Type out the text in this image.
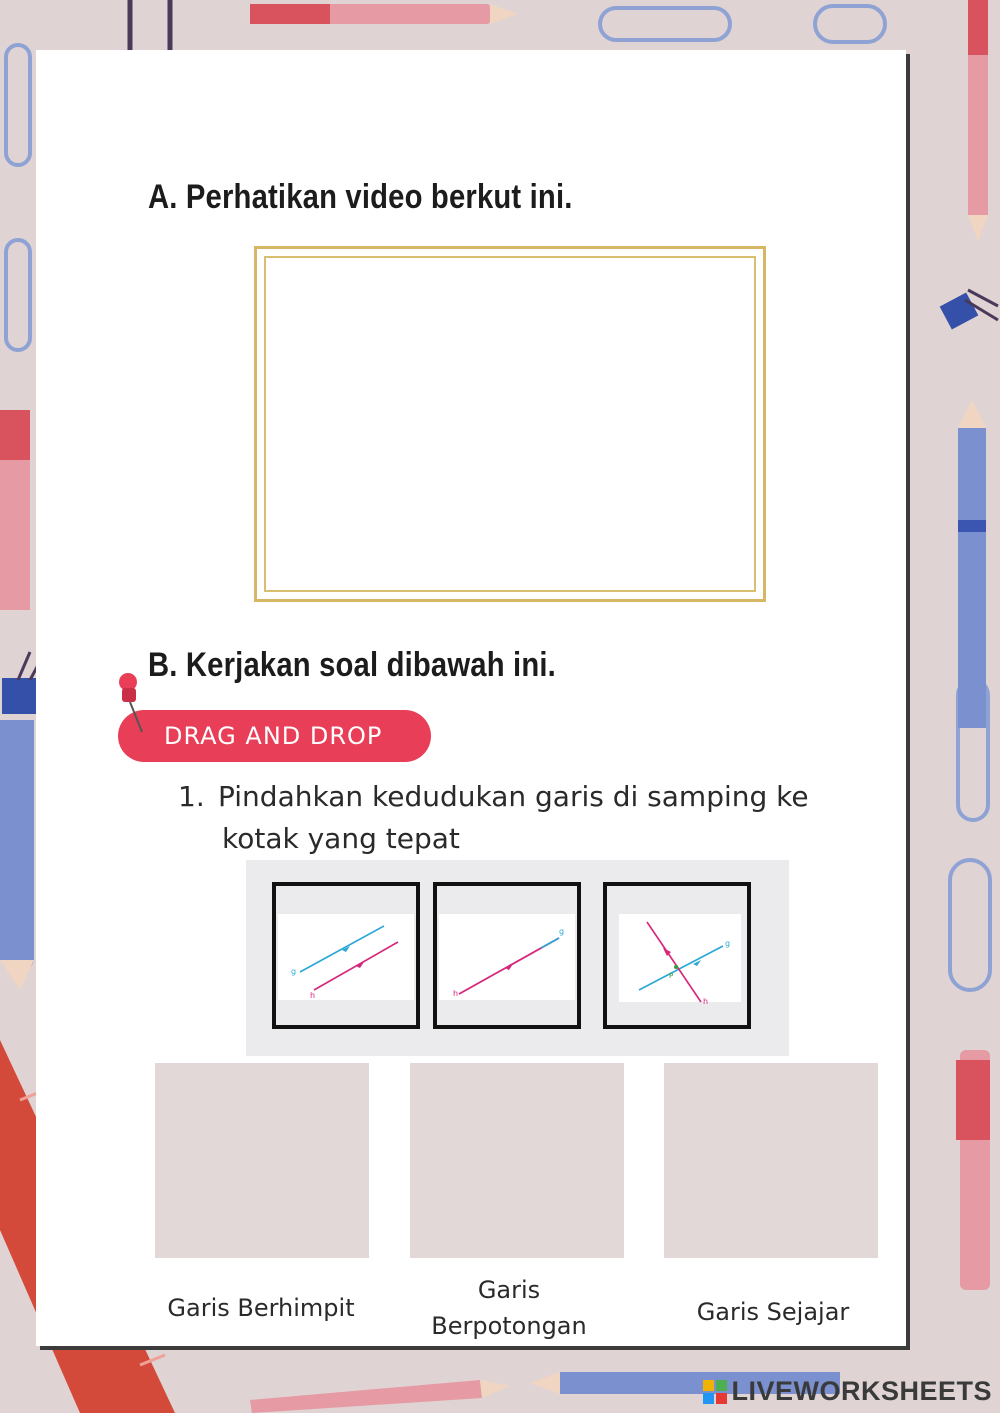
A. Perhatikan video berkut ini.
B. Kerjakan soal dibawah ini.
DRAG AND DROP
1. Pindahkan kedudukan garis di samping ke
kotak yang tepat
g
h
g
h
g
h
P
Garis Berhimpit
Garis
Berpotongan	Garis Sejajar
LIVEWORKSHEETS
